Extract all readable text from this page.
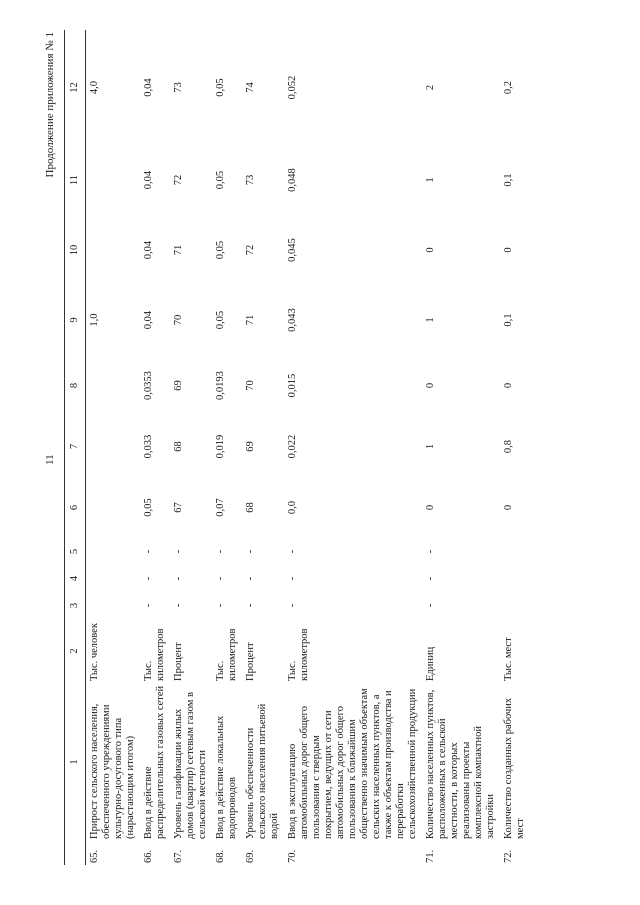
11
Продолжение приложения № 1
	1	2	3	4	5	6	7	8	9	10	11	12
65.	Прирост сельского населения, обеспеченного учреждениями культурно-досугового типа (нарастающим итогом)	Тыс. человек							1,0			4,0
66.	Ввод в действие распределительных газовых сетей	Тыс. километров	-	-	-	0,05	0,033	0,0353	0,04	0,04	0,04	0,04
67.	Уровень газификации жилых домов (квартир) сетевым газом в сельской местности	Процент	-	-	-	67	68	69	70	71	72	73
68.	Ввод в действие локальных водопроводов	Тыс. километров	-	-	-	0,07	0,019	0,0193	0,05	0,05	0,05	0,05
69.	Уровень обеспеченности сельского населения питьевой водой	Процент	-	-	-	68	69	70	71	72	73	74
70.	Ввод в эксплуатацию автомобильных дорог общего пользования с твердым покрытием, ведущих от сети автомобильных дорог общего пользования к ближайшим общественно значимым объектам сельских населенных пунктов, а также к объектам производства и переработки сельскохозяйственной продукции	Тыс. километров	-	-	-	0,0	0,022	0,015	0,043	0,045	0,048	0,052
71.	Количество населенных пунктов, расположенных в сельской местности, в которых реализованы проекты комплексной компактной застройки	Единиц	-	-	-	0	1	0	1	0	1	2
72.	Количество созданных рабочих мест	Тыс. мест				0	0,8	0	0,1	0	0,1	0,2
